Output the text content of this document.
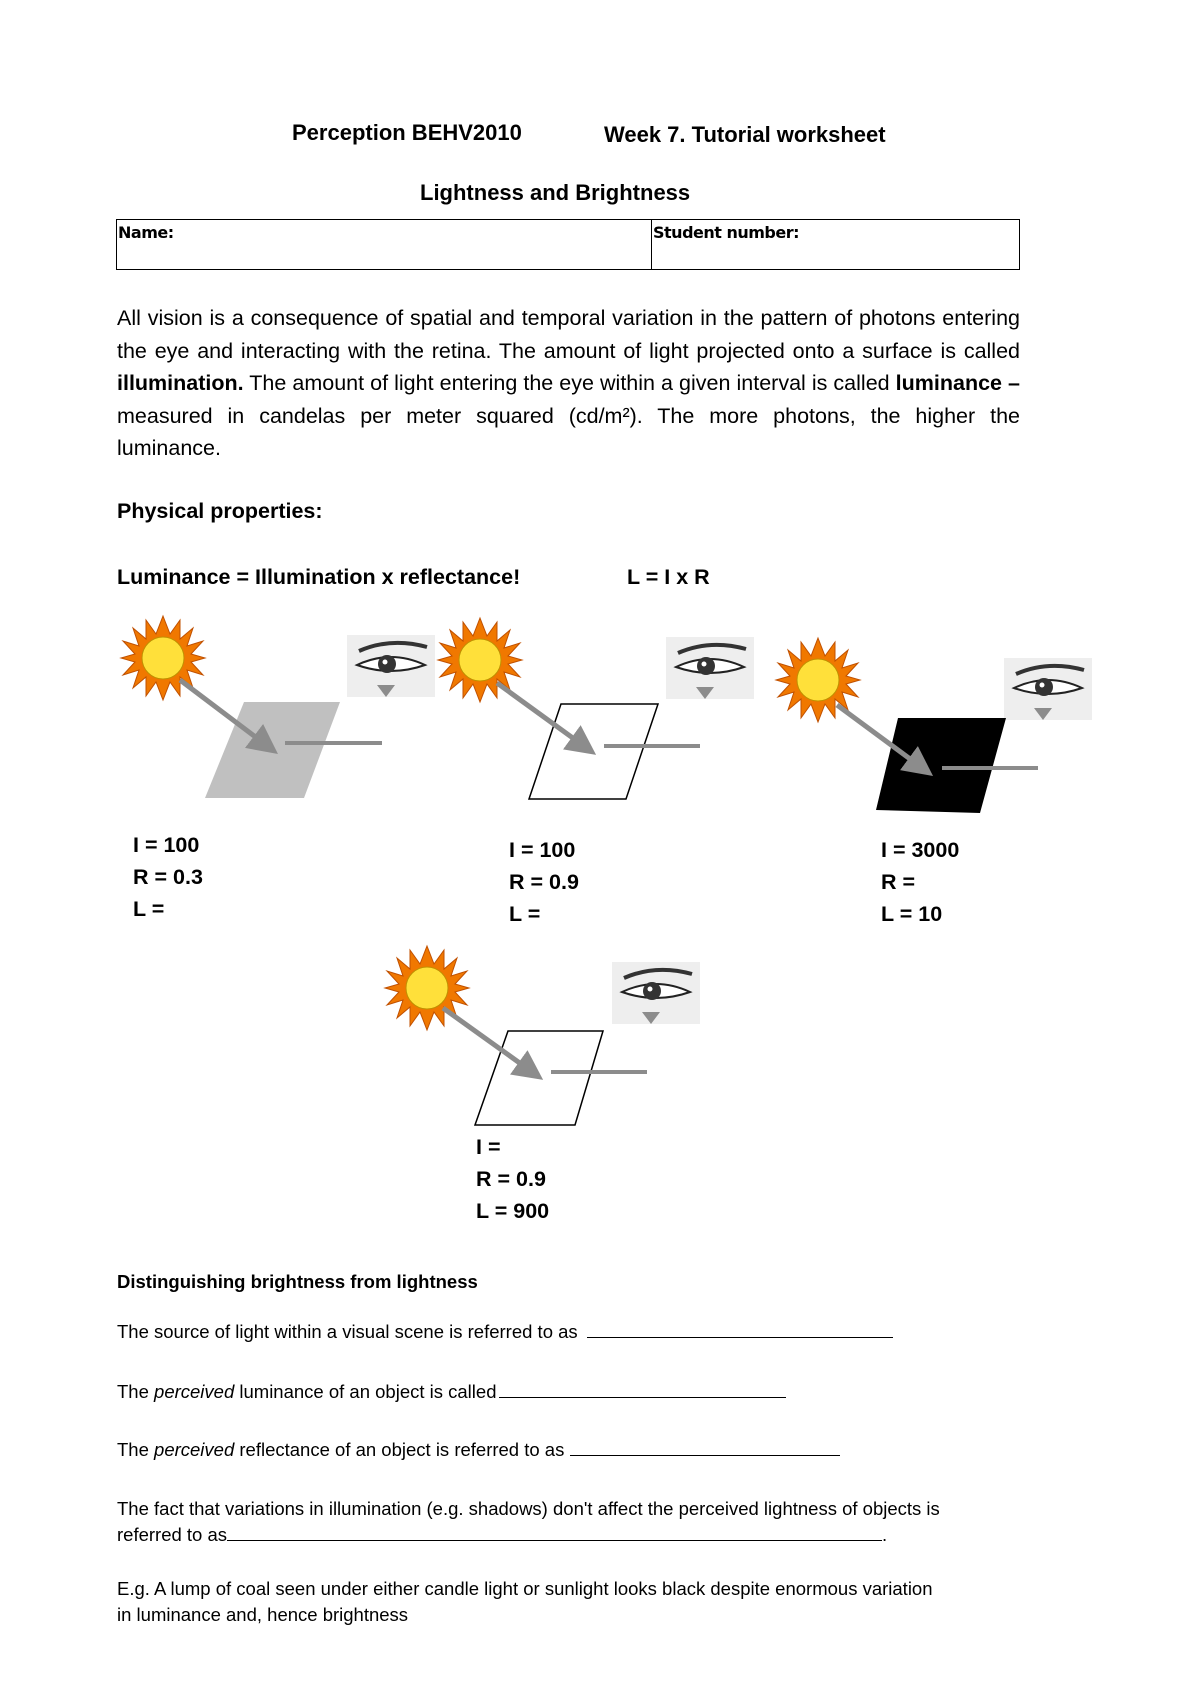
Perception BEHV2010	Week 7. Tutorial worksheet
Lightness and Brightness
Name:	Student number:
All vision is a consequence of spatial and temporal variation in the pattern of photons entering the eye and interacting with the retina. The amount of light projected onto a surface is called illumination. The amount of light entering the eye within a given interval is called luminance – measured in candelas per meter squared (cd/m²). The more photons, the higher the luminance.
Physical properties:
Luminance = Illumination x reflectance!	L = I x R
I = 100
R = 0.3
L =
I = 100
R = 0.9
L =
I = 3000
R =
L = 10
I =
R = 0.9
L = 900
Distinguishing brightness from lightness
The source of light within a visual scene is referred to as
The perceived luminance of an object is called
The perceived reflectance of an object is referred to as
The fact that variations in illumination (e.g. shadows) don't affect the perceived lightness of objects is
referred to as	.
E.g. A lump of coal seen under either candle light or sunlight looks black despite enormous variation
in luminance and, hence brightness
